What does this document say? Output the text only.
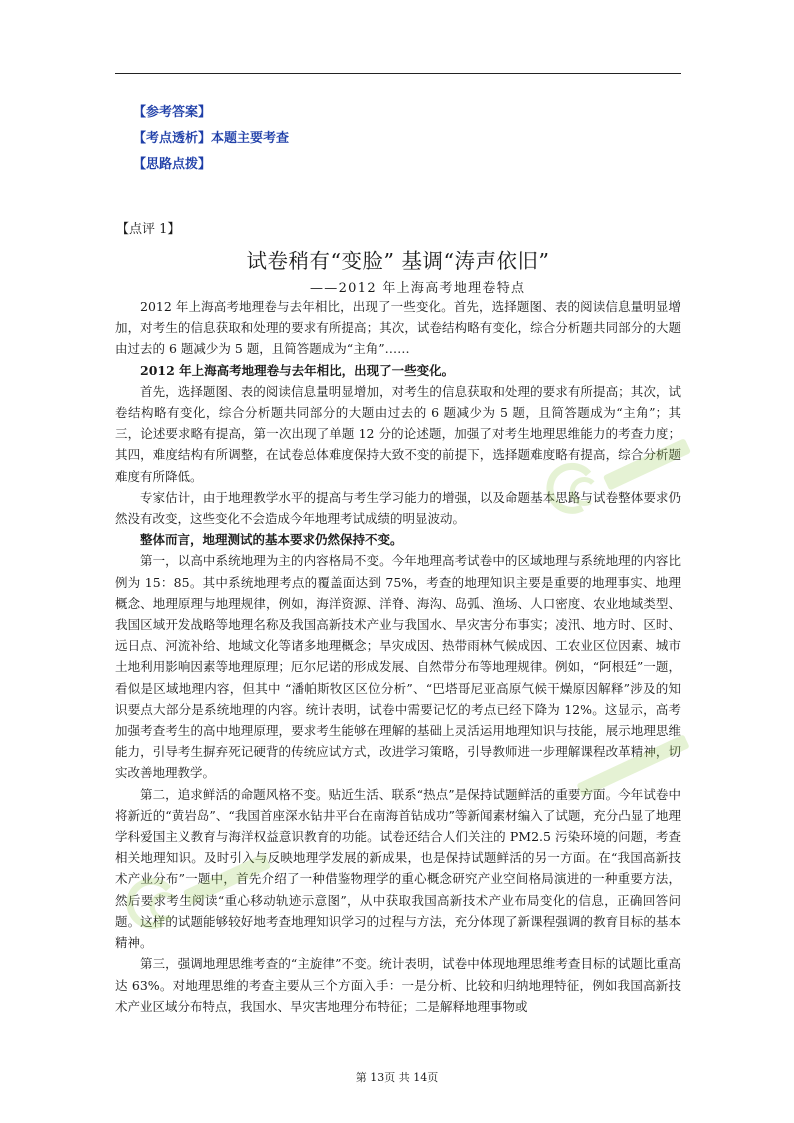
【参考答案】
【考点透析】本题主要考查
【思路点拨】
【点评 1】
试卷稍有“变脸” 基调“涛声依旧”
——2012 年上海高考地理卷特点

2012 年上海高考地理卷与去年相比，出现了一些变化。首先，选择题图、表的阅读信息量明显增加，对考生的信息获取和处理的要求有所提高；其次，试卷结构略有变化，综合分析题共同部分的大题由过去的 6 题减少为 5 题，且简答题成为“主角”……

2012 年上海高考地理卷与去年相比，出现了一些变化。

首先，选择题图、表的阅读信息量明显增加，对考生的信息获取和处理的要求有所提高；其次，试卷结构略有变化，综合分析题共同部分的大题由过去的 6 题减少为 5 题，且简答题成为“主角”；其三，论述要求略有提高，第一次出现了单题 12 分的论述题，加强了对考生地理思维能力的考查力度；其四，难度结构有所调整，在试卷总体难度保持大致不变的前提下，选择题难度略有提高，综合分析题难度有所降低。

专家估计，由于地理教学水平的提高与考生学习能力的增强，以及命题基本思路与试卷整体要求仍然没有改变，这些变化不会造成今年地理考试成绩的明显波动。

整体而言，地理测试的基本要求仍然保持不变。

第一，以高中系统地理为主的内容格局不变。今年地理高考试卷中的区域地理与系统地理的内容比例为 15：85。其中系统地理考点的覆盖面达到 75%，考查的地理知识主要是重要的地理事实、地理概念、地理原理与地理规律，例如，海洋资源、洋脊、海沟、岛弧、渔场、人口密度、农业地域类型、我国区域开发战略等地理名称及我国高新技术产业与我国水、旱灾害分布事实；凌汛、地方时、区时、远日点、河流补给、地域文化等诸多地理概念；旱灾成因、热带雨林气候成因、工农业区位因素、城市土地利用影响因素等地理原理；厄尔尼诺的形成发展、自然带分布等地理规律。例如，“阿根廷”一题，看似是区域地理内容，但其中 “潘帕斯牧区区位分析”、“巴塔哥尼亚高原气候干燥原因解释”涉及的知识要点大部分是系统地理的内容。统计表明，试卷中需要记忆的考点已经下降为 12%。这显示，高考加强考查考生的高中地理原理，要求考生能够在理解的基础上灵活运用地理知识与技能，展示地理思维能力，引导考生摒弃死记硬背的传统应试方式，改进学习策略，引导教师进一步理解课程改革精神，切实改善地理教学。

第二，追求鲜活的命题风格不变。贴近生活、联系“热点”是保持试题鲜活的重要方面。今年试卷中将新近的“黄岩岛”、“我国首座深水钻井平台在南海首钻成功”等新闻素材编入了试题，充分凸显了地理学科爱国主义教育与海洋权益意识教育的功能。试卷还结合人们关注的 PM2.5 污染环境的问题，考查相关地理知识。及时引入与反映地理学发展的新成果，也是保持试题鲜活的另一方面。在“我国高新技术产业分布”一题中，首先介绍了一种借鉴物理学的重心概念研究产业空间格局演进的一种重要方法，然后要求考生阅读“重心移动轨迹示意图”，从中获取我国高新技术产业布局变化的信息，正确回答问题。这样的试题能够较好地考查地理知识学习的过程与方法，充分体现了新课程强调的教育目标的基本精神。

第三，强调地理思维考查的“主旋律”不变。统计表明，试卷中体现地理思维考查目标的试题比重高达 63%。对地理思维的考查主要从三个方面入手：一是分析、比较和归纳地理特征，例如我国高新技术产业区域分布特点，我国水、旱灾害地理分布特征；二是解释地理事物或

第 13页 共 14页
